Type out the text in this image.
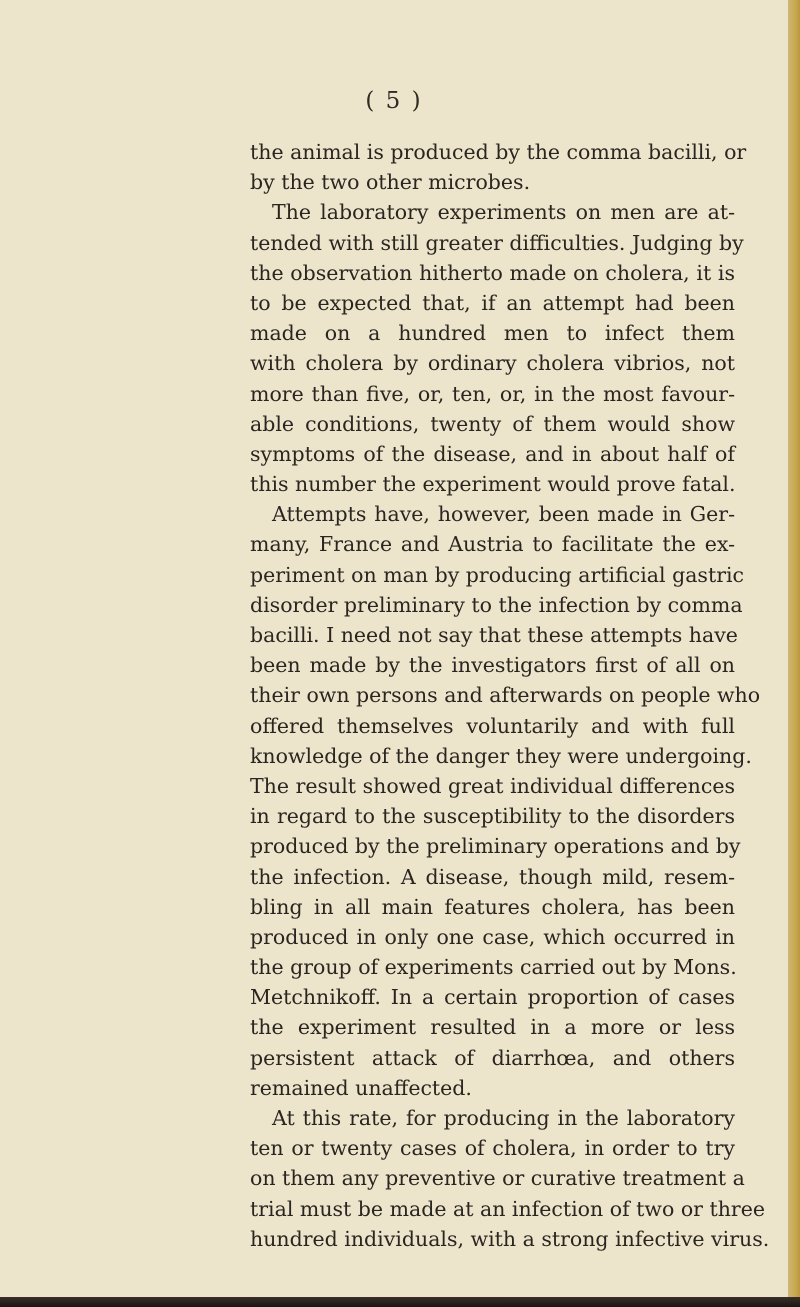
( 5 )
the animal is produced by the comma bacilli, or
by the two other microbes.
The laboratory experiments on men are at-
tended with still greater difficulties. Judging by
the observation hitherto made on cholera, it is
to be expected that, if an attempt had been
made on a hundred men to infect them
with cholera by ordinary cholera vibrios, not
more than five, or, ten, or, in the most favour-
able conditions, twenty of them would show
symptoms of the disease, and in about half of
this number the experiment would prove fatal.
Attempts have, however, been made in Ger-
many, France and Austria to facilitate the ex-
periment on man by producing artificial gastric
disorder preliminary to the infection by comma
bacilli. I need not say that these attempts have
been made by the investigators first of all on
their own persons and afterwards on people who
offered themselves voluntarily and with full
knowledge of the danger they were undergoing.
The result showed great individual differences
in regard to the susceptibility to the disorders
produced by the preliminary operations and by
the infection. A disease, though mild, resem-
bling in all main features cholera, has been
produced in only one case, which occurred in
the group of experiments carried out by Mons.
Metchnikoff. In a certain proportion of cases
the experiment resulted in a more or less
persistent attack of diarrhœa, and others
remained unaffected.
At this rate, for producing in the laboratory
ten or twenty cases of cholera, in order to try
on them any preventive or curative treatment a
trial must be made at an infection of two or three
hundred individuals, with a strong infective virus.
